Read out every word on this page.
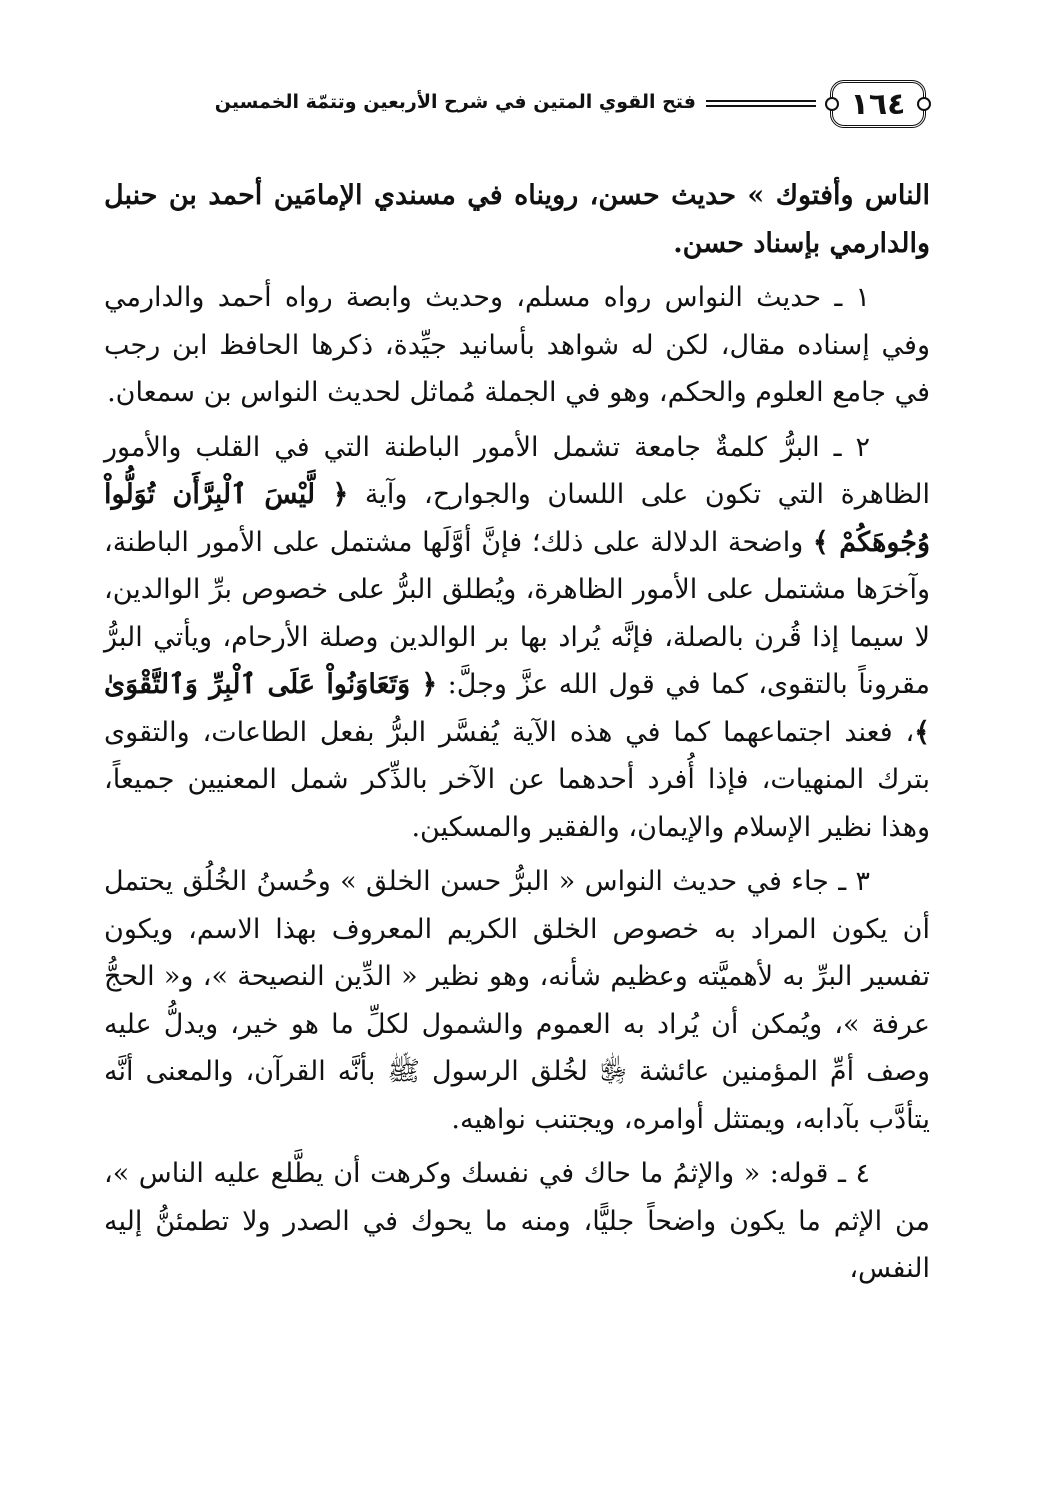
١٦٤
فتح القوي المتين في شرح الأربعين وتتمّة الخمسين

الناس وأفتوك » حديث حسن، رويناه في مسندي الإمامَين أحمد بن حنبل والدارمي بإسناد حسن.

١ ـ حديث النواس رواه مسلم، وحديث وابصة رواه أحمد والدارمي وفي إسناده مقال، لكن له شواهد بأسانيد جيِّدة، ذكرها الحافظ ابن رجب في جامع العلوم والحكم، وهو في الجملة مُماثل لحديث النواس بن سمعان.

٢ ـ البرُّ كلمةٌ جامعة تشمل الأمور الباطنة التي في القلب والأمور الظاهرة التي تكون على اللسان والجوارح، وآية ﴿ لَّيْسَ ٱلْبِرَّأَن تُوَلُّواْ وُجُوهَكُمْ ﴾ واضحة الدلالة على ذلك؛ فإنَّ أوَّلَها مشتمل على الأمور الباطنة، وآخرَها مشتمل على الأمور الظاهرة، ويُطلق البرُّ على خصوص برِّ الوالدين، لا سيما إذا قُرن بالصلة، فإنَّه يُراد بها بر الوالدين وصلة الأرحام، ويأتي البرُّ مقروناً بالتقوى، كما في قول الله عزَّ وجلَّ: ﴿ وَتَعَاوَنُواْ عَلَى ٱلْبِرِّ وَٱلتَّقْوَىٰ ﴾، فعند اجتماعهما كما في هذه الآية يُفسَّر البرُّ بفعل الطاعات، والتقوى بترك المنهيات، فإذا أُفرد أحدهما عن الآخر بالذِّكر شمل المعنيين جميعاً، وهذا نظير الإسلام والإيمان، والفقير والمسكين.

٣ ـ جاء في حديث النواس « البرُّ حسن الخلق » وحُسنُ الخُلُق يحتمل أن يكون المراد به خصوص الخلق الكريم المعروف بهذا الاسم، ويكون تفسير البرِّ به لأهميَّته وعظيم شأنه، وهو نظير « الدِّين النصيحة »، و« الحجُّ عرفة »، ويُمكن أن يُراد به العموم والشمول لكلِّ ما هو خير، ويدلُّ عليه وصف أمِّ المؤمنين عائشة ﵂ لخُلق الرسول ﷺ بأنَّه القرآن، والمعنى أنَّه يتأدَّب بآدابه، ويمتثل أوامره، ويجتنب نواهيه.

٤ ـ قوله: « والإثمُ ما حاك في نفسك وكرهت أن يطَّلع عليه الناس »، من الإثم ما يكون واضحاً جليًّا، ومنه ما يحوك في الصدر ولا تطمئنُّ إليه النفس،
